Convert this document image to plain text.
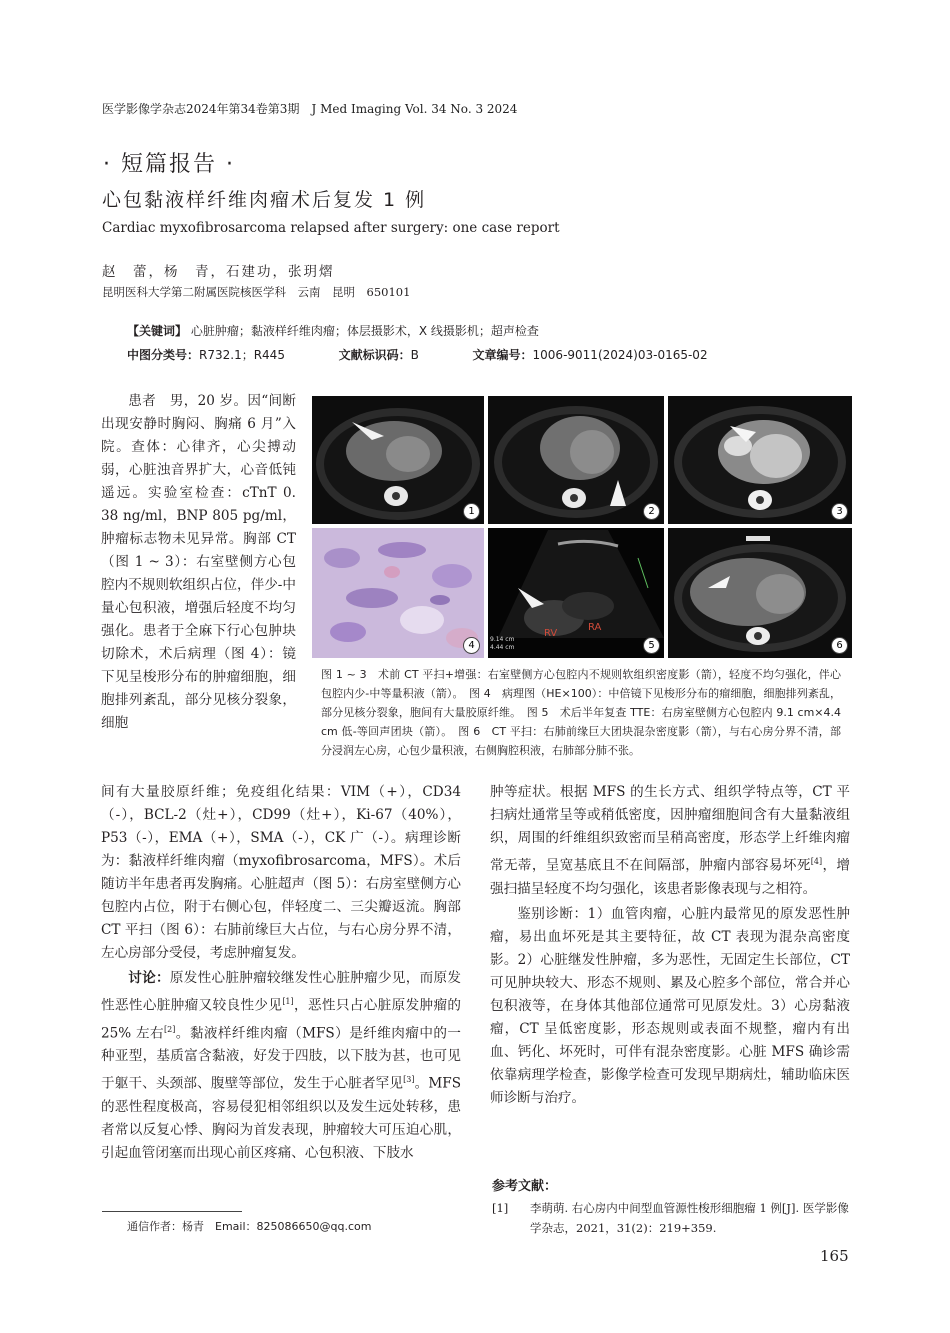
医学影像学杂志2024年第34卷第3期　J Med Imaging Vol. 34 No. 3 2024
· 短篇报告 ·
心包黏液样纤维肉瘤术后复发 1 例
Cardiac myxofibrosarcoma relapsed after surgery: one case report
赵　蕾，杨　青，石建功，张玥熠
昆明医科大学第二附属医院核医学科　云南　昆明　650101
【关键词】 心脏肿瘤；黏液样纤维肉瘤；体层摄影术，X 线摄影机；超声检查
中图分类号：R732.1；R445	文献标识码：B	文章编号：1006-9011(2024)03-0165-02

患者　男，20 岁。因“间断出现安静时胸闷、胸痛 6 月”入院。查体：心律齐，心尖搏动弱，心脏浊音界扩大，心音低钝遥远。实验室检查：cTnT 0. 38 ng/ml，BNP 805 pg/ml，肿瘤标志物未见异常。胸部 CT（图 1 ~ 3）：右室壁侧方心包腔内不规则软组织占位，伴少-中量心包积液，增强后轻度不均匀强化。患者于全麻下行心包肿块切除术，术后病理（图 4）：镜下见呈梭形分布的肿瘤细胞，细胞排列紊乱，部分见核分裂象，细胞

1	2	3
4
RV
RA
9.14 cm
4.44 cm	5	6
图 1 ~ 3　术前 CT 平扫+增强：右室壁侧方心包腔内不规则软组织密度影（箭），轻度不均匀强化，伴心包腔内少-中等量积液（箭）。　图 4　病理图（HE×100）：中倍镜下见梭形分布的瘤细胞，细胞排列紊乱，部分见核分裂象，胞间有大量胶原纤维。　图 5　术后半年复查 TTE：右房室壁侧方心包腔内 9.1 cm×4.4 cm 低-等回声团块（箭）。　图 6　CT 平扫：右肺前缘巨大团块混杂密度影（箭），与右心房分界不清，部分浸润左心房，心包少量积液，右侧胸腔积液，右肺部分肺不张。

间有大量胶原纤维；免疫组化结果：VIM（+），CD34（-），BCL-2（灶+），CD99（灶+），Ki-67（40%），P53（-），EMA（+），SMA（-），CK 广（-）。病理诊断为：黏液样纤维肉瘤（myxofibrosarcoma，MFS）。术后随访半年患者再发胸痛。心脏超声（图 5）：右房室壁侧方心包腔内占位，附于右侧心包，伴轻度二、三尖瓣返流。胸部 CT 平扫（图 6）：右肺前缘巨大占位，与右心房分界不清，左心房部分受侵，考虑肿瘤复发。

讨论：原发性心脏肿瘤较继发性心脏肿瘤少见，而原发性恶性心脏肿瘤又较良性少见[1]，恶性只占心脏原发肿瘤的 25% 左右[2]。黏液样纤维肉瘤（MFS）是纤维肉瘤中的一种亚型，基质富含黏液，好发于四肢，以下肢为甚，也可见于躯干、头颈部、腹壁等部位，发生于心脏者罕见[3]。MFS 的恶性程度极高，容易侵犯相邻组织以及发生远处转移，患者常以反复心悸、胸闷为首发表现，肿瘤较大可压迫心肌，引起血管闭塞而出现心前区疼痛、心包积液、下肢水

肿等症状。根据 MFS 的生长方式、组织学特点等，CT 平扫病灶通常呈等或稍低密度，因肿瘤细胞间含有大量黏液组织，周围的纤维组织致密而呈稍高密度，形态学上纤维肉瘤常无蒂，呈宽基底且不在间隔部，肿瘤内部容易坏死[4]，增强扫描呈轻度不均匀强化，该患者影像表现与之相符。

鉴别诊断：1）血管肉瘤，心脏内最常见的原发恶性肿瘤，易出血坏死是其主要特征，故 CT 表现为混杂高密度影。2）心脏继发性肿瘤，多为恶性，无固定生长部位，CT 可见肿块较大、形态不规则、累及心腔多个部位，常合并心包积液等，在身体其他部位通常可见原发灶。3）心房黏液瘤，CT 呈低密度影，形态规则或表面不规整，瘤内有出血、钙化、坏死时，可伴有混杂密度影。心脏 MFS 确诊需依靠病理学检查，影像学检查可发现早期病灶，辅助临床医师诊断与治疗。

参考文献：
[1] 李萌萌. 右心房内中间型血管源性梭形细胞瘤 1 例[J]. 医学影像学杂志，2021，31(2)：219+359.
通信作者：杨青　Email：825086650@qq.com
165
